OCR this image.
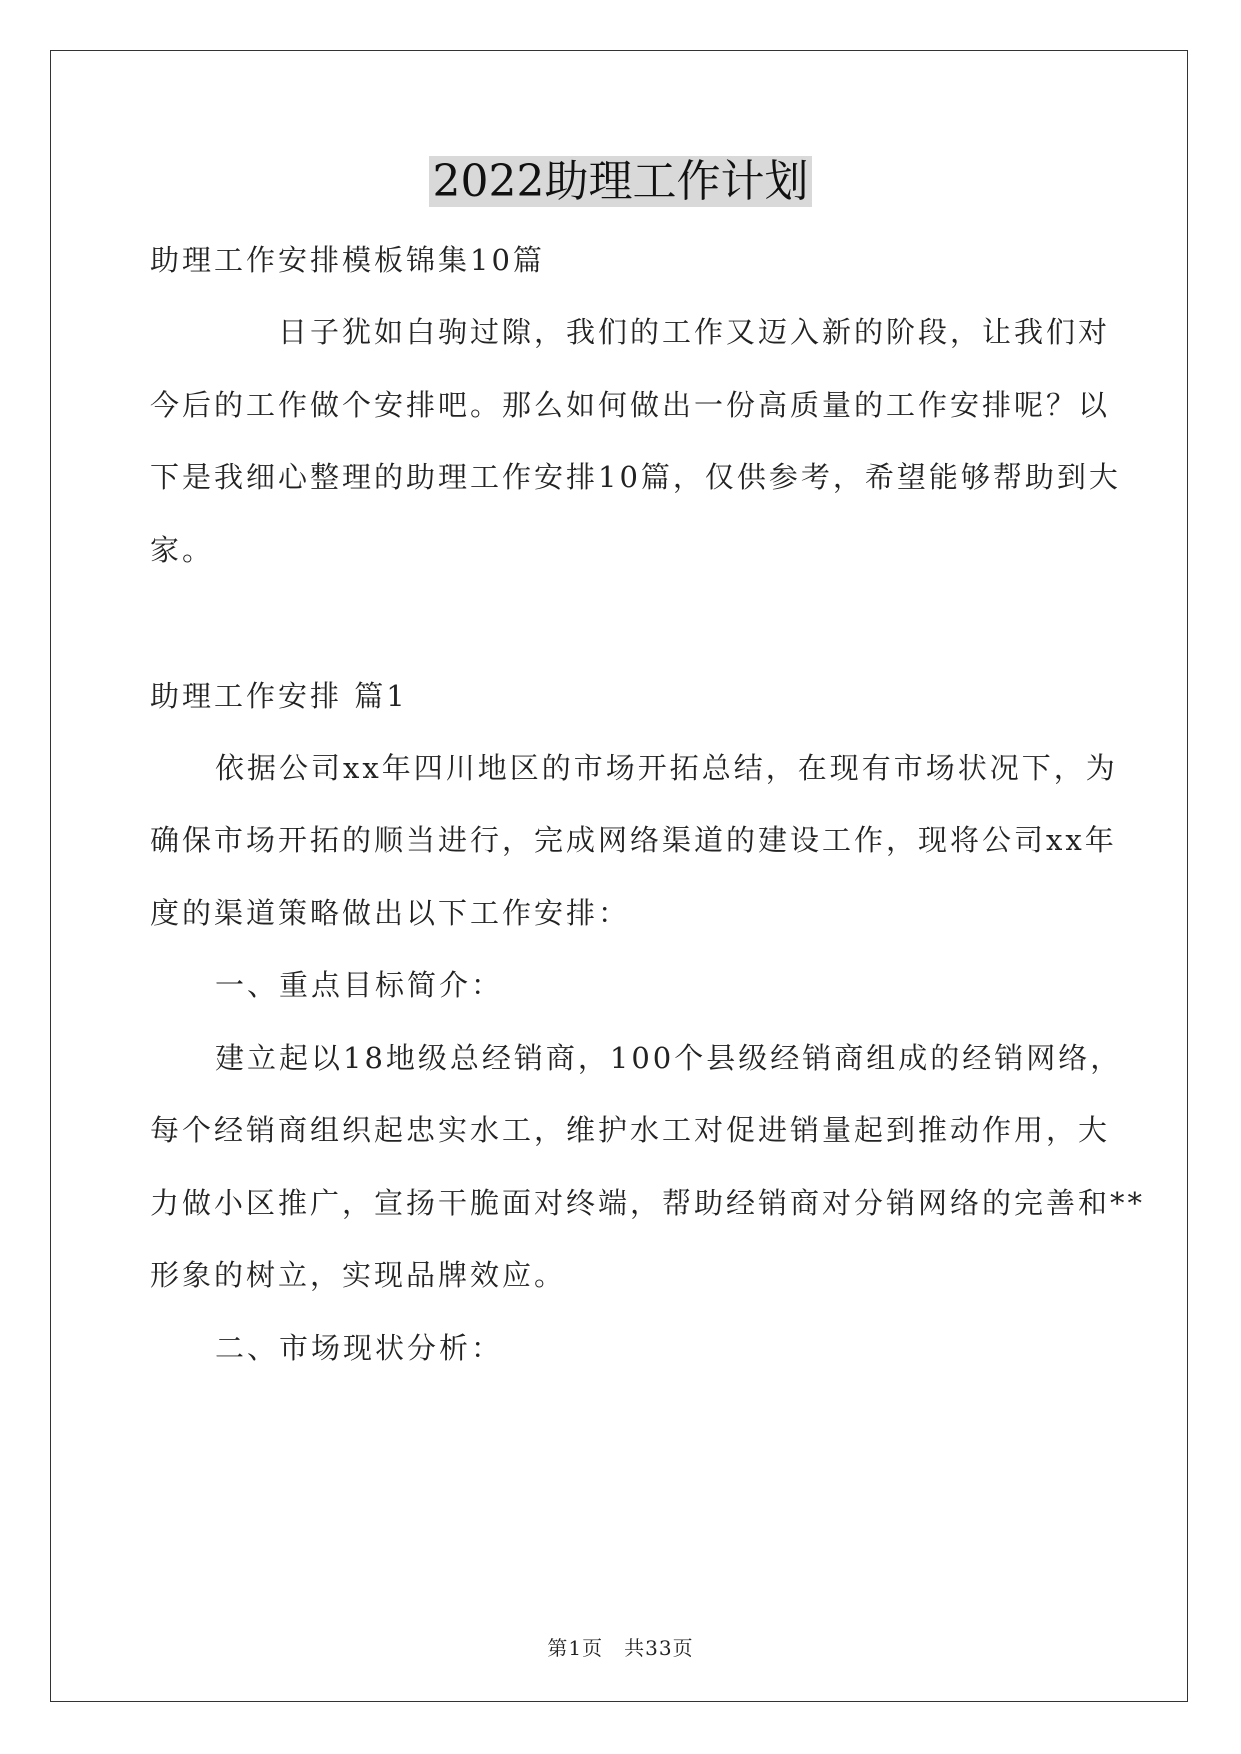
2022助理工作计划
助理工作安排模板锦集10篇
日子犹如白驹过隙，我们的工作又迈入新的阶段，让我们对
今后的工作做个安排吧。那么如何做出一份高质量的工作安排呢？以
下是我细心整理的助理工作安排10篇，仅供参考，希望能够帮助到大
家。
助理工作安排 篇1
依据公司xx年四川地区的市场开拓总结，在现有市场状况下，为
确保市场开拓的顺当进行，完成网络渠道的建设工作，现将公司xx年
度的渠道策略做出以下工作安排：
一、重点目标简介：
建立起以18地级总经销商，100个县级经销商组成的经销网络，
每个经销商组织起忠实水工，维护水工对促进销量起到推动作用，大
力做小区推广，宣扬干脆面对终端，帮助经销商对分销网络的完善和**
形象的树立，实现品牌效应。
二、市场现状分析：
第1页　共33页
